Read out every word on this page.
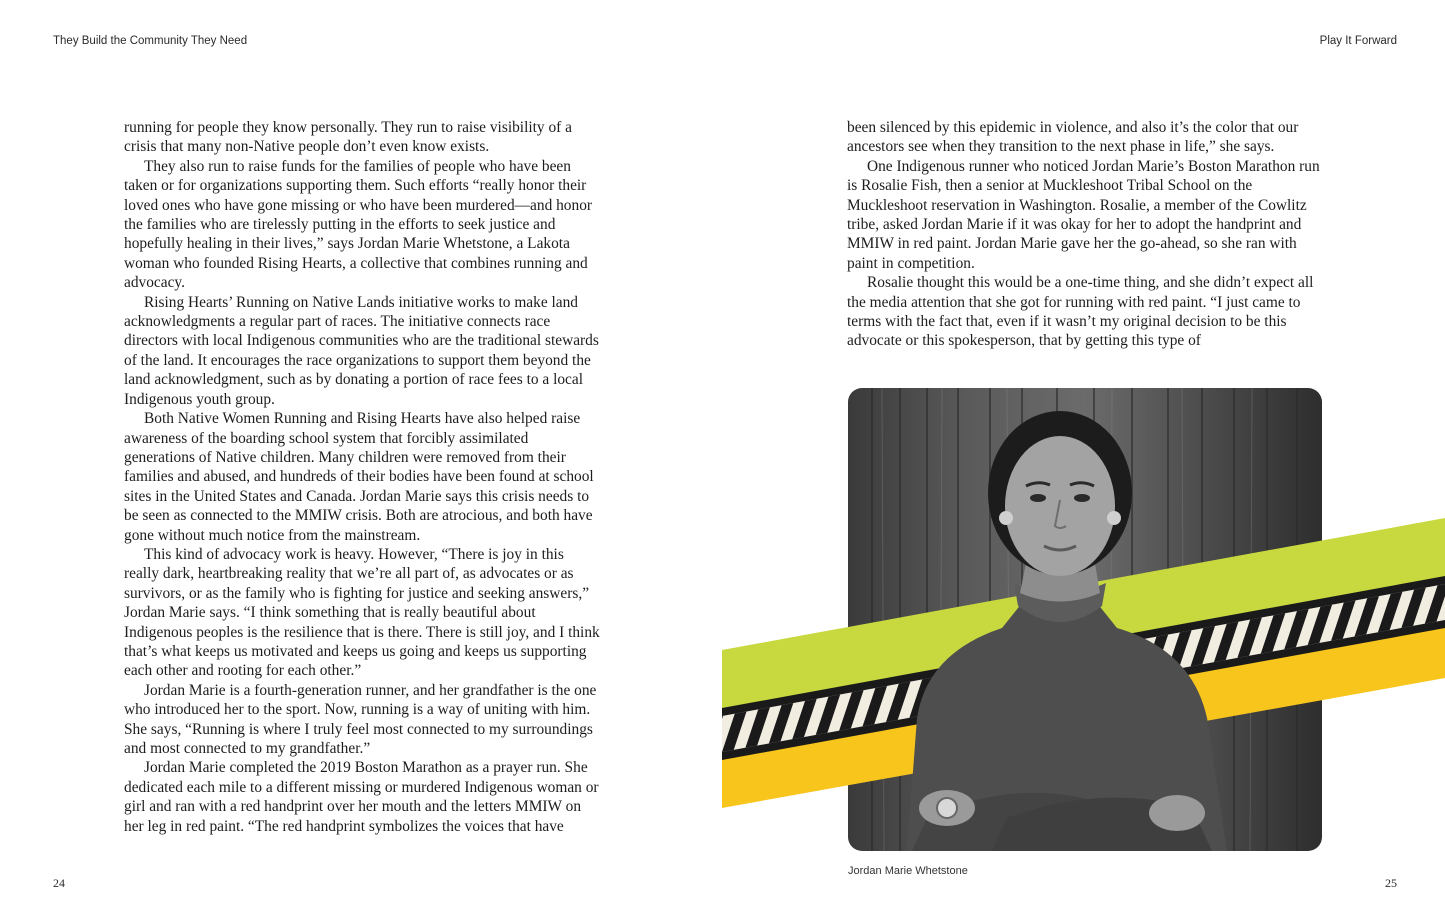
They Build the Community They Need	Play It Forward

running for people they know personally. They run to raise visibility of a crisis that many non-Native people don’t even know exists.

They also run to raise funds for the families of people who have been taken or for organizations supporting them. Such efforts “really honor their loved ones who have gone missing or who have been murdered—and honor the families who are tirelessly putting in the efforts to seek justice and hopefully healing in their lives,” says Jordan Marie Whetstone, a Lakota woman who founded Rising Hearts, a collective that combines running and advocacy.

Rising Hearts’ Running on Native Lands initiative works to make land acknowledgments a regular part of races. The initiative connects race directors with local Indigenous communities who are the traditional stewards of the land. It encourages the race organizations to support them beyond the land acknowledgment, such as by donating a portion of race fees to a local Indigenous youth group.

Both Native Women Running and Rising Hearts have also helped raise awareness of the boarding school system that forcibly assimilated generations of Native children. Many children were removed from their families and abused, and hundreds of their bodies have been found at school sites in the United States and Canada. Jordan Marie says this crisis needs to be seen as connected to the MMIW crisis. Both are atrocious, and both have gone without much notice from the mainstream.

This kind of advocacy work is heavy. However, “There is joy in this really dark, heartbreaking reality that we’re all part of, as advocates or as survivors, or as the family who is fighting for justice and seeking answers,” Jordan Marie says. “I think something that is really beautiful about Indigenous peoples is the resilience that is there. There is still joy, and I think that’s what keeps us motivated and keeps us going and keeps us supporting each other and rooting for each other.”

Jordan Marie is a fourth-generation runner, and her grandfather is the one who introduced her to the sport. Now, running is a way of uniting with him. She says, “Running is where I truly feel most connected to my surroundings and most connected to my grandfather.”

Jordan Marie completed the 2019 Boston Marathon as a prayer run. She dedicated each mile to a different missing or murdered Indigenous woman or girl and ran with a red handprint over her mouth and the letters MMIW on her leg in red paint. “The red handprint symbolizes the voices that have

been silenced by this epidemic in violence, and also it’s the color that our ancestors see when they transition to the next phase in life,” she says.

One Indigenous runner who noticed Jordan Marie’s Boston Marathon run is Rosalie Fish, then a senior at Muckleshoot Tribal School on the Muckleshoot reservation in Washington. Rosalie, a member of the Cowlitz tribe, asked Jordan Marie if it was okay for her to adopt the handprint and MMIW in red paint. Jordan Marie gave her the go-ahead, so she ran with paint in competition.

Rosalie thought this would be a one-time thing, and she didn’t expect all the media attention that she got for running with red paint. “I just came to terms with the fact that, even if it wasn’t my original decision to be this advocate or this spokesperson, that by getting this type of

Jordan Marie Whetstone
24	25
